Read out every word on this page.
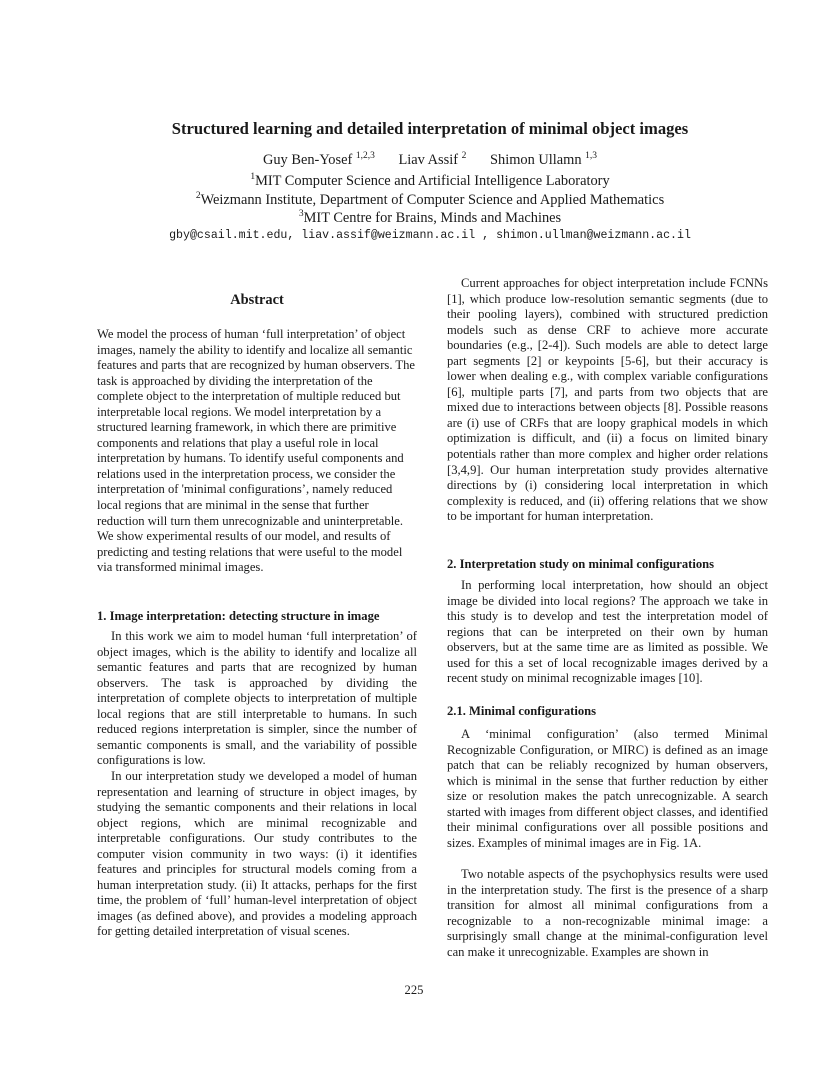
Structured learning and detailed interpretation of minimal object images
Guy Ben-Yosef $^{1,2,3}$ Liav Assif $^2$ Shimon Ullamn $^{1,3}$
$^1$MIT Computer Science and Artificial Intelligence Laboratory
$^2$Weizmann Institute, Department of Computer Science and Applied Mathematics
$^3$MIT Centre for Brains, Minds and Machines
gby@csail.mit.edu, liav.assif@weizmann.ac.il , shimon.ullman@weizmann.ac.il
Abstract

We model the process of human ‘full interpretation’ of object images, namely the ability to identify and localize all semantic features and parts that are recognized by human observers. The task is approached by dividing the interpretation of the complete object to the interpretation of multiple reduced but interpretable local regions. We model interpretation by a structured learning framework, in which there are primitive components and relations that play a useful role in local interpretation by humans. To identify useful components and relations used in the interpretation process, we consider the interpretation of 'minimal configurations’, namely reduced local regions that are minimal in the sense that further reduction will turn them unrecognizable and uninterpretable. We show experimental results of our model, and results of predicting and testing relations that were useful to the model via transformed minimal images.

1. Image interpretation: detecting structure in image

In this work we aim to model human ‘full interpretation’ of object images, which is the ability to identify and localize all semantic features and parts that are recognized by human observers. The task is approached by dividing the interpretation of complete objects to interpretation of multiple local regions that are still interpretable to humans. In such reduced regions interpretation is simpler, since the number of semantic components is small, and the variability of possible configurations is low.

In our interpretation study we developed a model of human representation and learning of structure in object images, by studying the semantic components and their relations in local object regions, which are minimal recognizable and interpretable configurations. Our study contributes to the computer vision community in two ways: (i) it identifies features and principles for structural models coming from a human interpretation study. (ii) It attacks, perhaps for the first time, the problem of ‘full’ human-level interpretation of object images (as defined above), and provides a modeling approach for getting detailed interpretation of visual scenes.

Current approaches for object interpretation include FCNNs [1], which produce low-resolution semantic segments (due to their pooling layers), combined with structured prediction models such as dense CRF to achieve more accurate boundaries (e.g., [2-4]). Such models are able to detect large part segments [2] or keypoints [5-6], but their accuracy is lower when dealing e.g., with complex variable configurations [6], multiple parts [7], and parts from two objects that are mixed due to interactions between objects [8]. Possible reasons are (i) use of CRFs that are loopy graphical models in which optimization is difficult, and (ii) a focus on limited binary potentials rather than more complex and higher order relations [3,4,9]. Our human interpretation study provides alternative directions by (i) considering local interpretation in which complexity is reduced, and (ii) offering relations that we show to be important for human interpretation.

2. Interpretation study on minimal configurations

In performing local interpretation, how should an object image be divided into local regions? The approach we take in this study is to develop and test the interpretation model of regions that can be interpreted on their own by human observers, but at the same time are as limited as possible. We used for this a set of local recognizable images derived by a recent study on minimal recognizable images [10].

2.1. Minimal configurations

A ‘minimal configuration’ (also termed Minimal Recognizable Configuration, or MIRC) is defined as an image patch that can be reliably recognized by human observers, which is minimal in the sense that further reduction by either size or resolution makes the patch unrecognizable. A search started with images from different object classes, and identified their minimal configurations over all possible positions and sizes. Examples of minimal images are in Fig. 1A.

Two notable aspects of the psychophysics results were used in the interpretation study. The first is the presence of a sharp transition for almost all minimal configurations from a recognizable to a non-recognizable minimal image: a surprisingly small change at the minimal-configuration level can make it unrecognizable. Examples are shown in

225
